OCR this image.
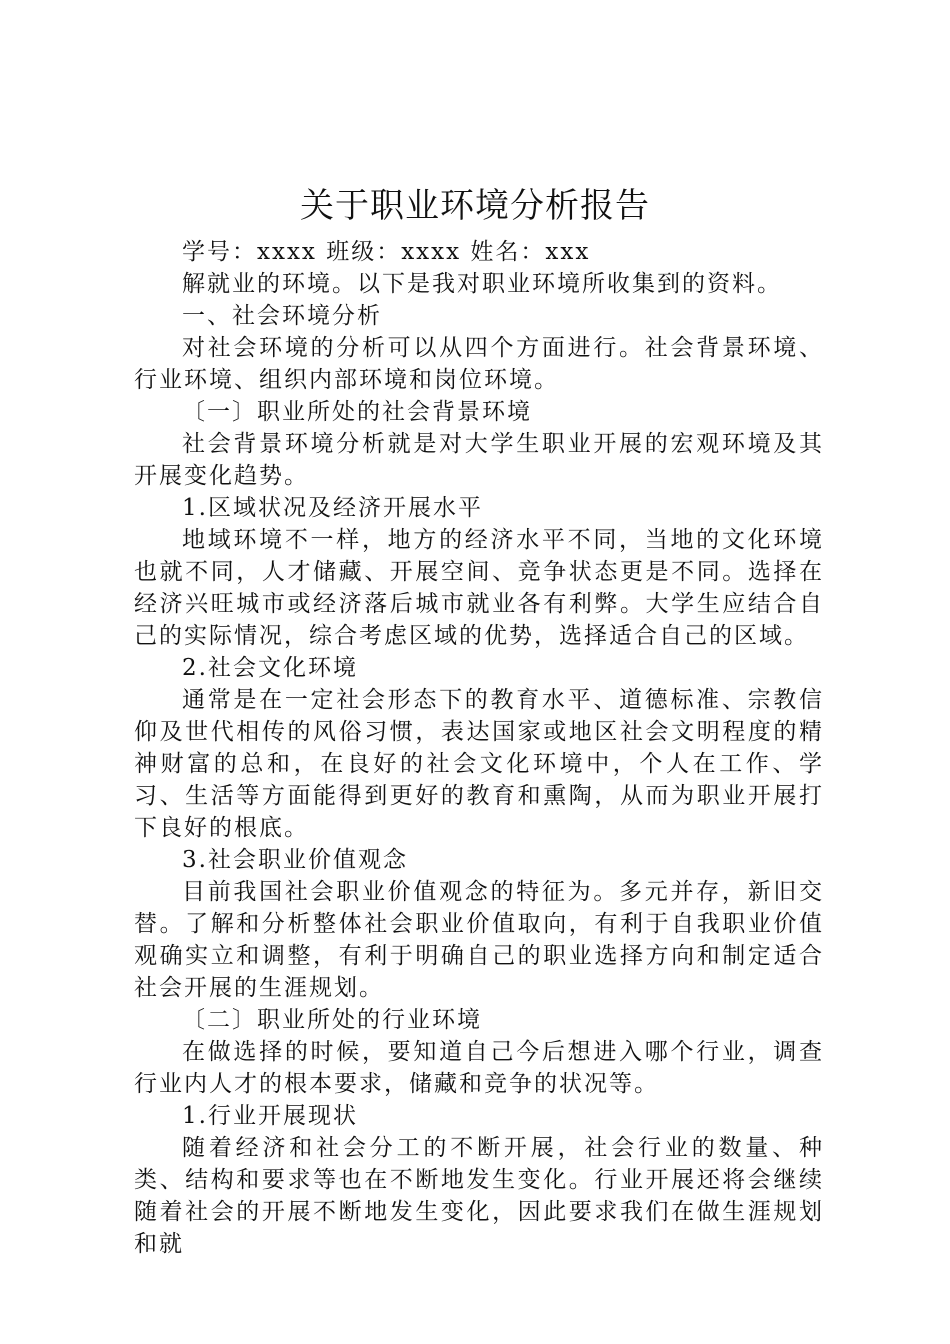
关于职业环境分析报告

学号：xxxx 班级：xxxx 姓名：xxx

解就业的环境。以下是我对职业环境所收集到的资料。

一、社会环境分析

对社会环境的分析可以从四个方面进行。社会背景环境、行业环境、组织内部环境和岗位环境。

〔一〕职业所处的社会背景环境

社会背景环境分析就是对大学生职业开展的宏观环境及其开展变化趋势。

1.区域状况及经济开展水平

地域环境不一样，地方的经济水平不同，当地的文化环境也就不同，人才储藏、开展空间、竞争状态更是不同。选择在经济兴旺城市或经济落后城市就业各有利弊。大学生应结合自己的实际情况，综合考虑区域的优势，选择适合自己的区域。

2.社会文化环境

通常是在一定社会形态下的教育水平、道德标准、宗教信仰及世代相传的风俗习惯，表达国家或地区社会文明程度的精神财富的总和，在良好的社会文化环境中，个人在工作、学习、生活等方面能得到更好的教育和熏陶，从而为职业开展打下良好的根底。

3.社会职业价值观念

目前我国社会职业价值观念的特征为。多元并存，新旧交替。了解和分析整体社会职业价值取向，有利于自我职业价值观确实立和调整，有利于明确自己的职业选择方向和制定适合社会开展的生涯规划。

〔二〕职业所处的行业环境

在做选择的时候，要知道自己今后想进入哪个行业，调查行业内人才的根本要求，储藏和竞争的状况等。

1.行业开展现状

随着经济和社会分工的不断开展，社会行业的数量、种类、结构和要求等也在不断地发生变化。行业开展还将会继续随着社会的开展不断地发生变化，因此要求我们在做生涯规划和就
